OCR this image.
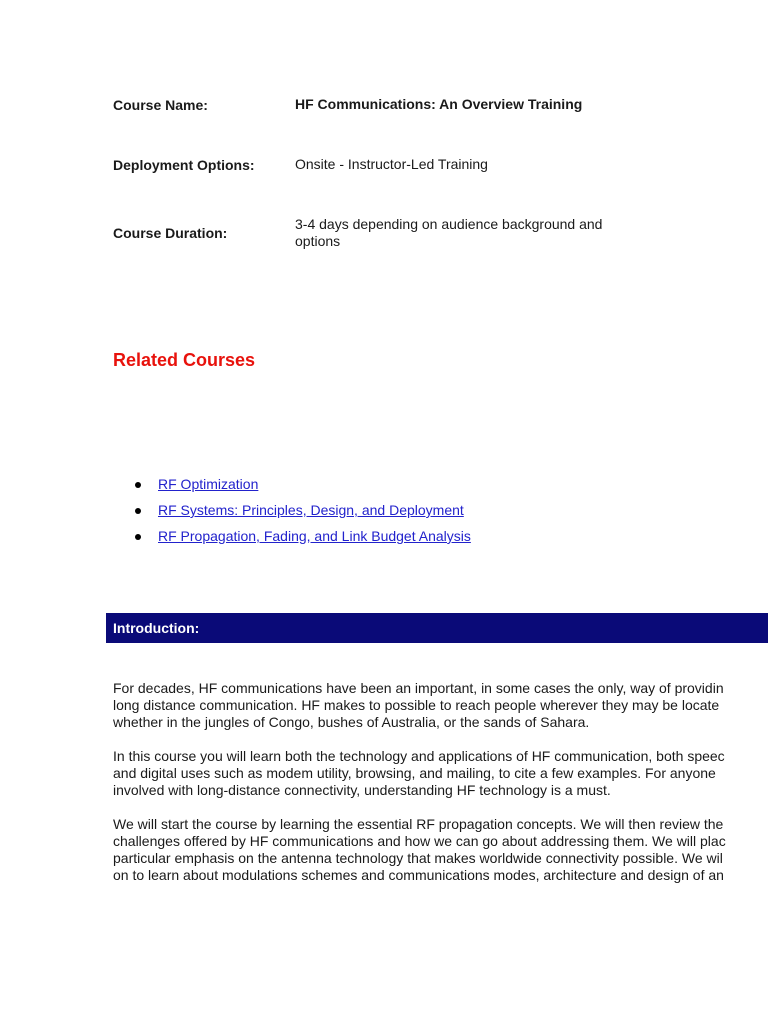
Course Name:	HF Communications: An Overview Training
Deployment Options:	Onsite - Instructor-Led Training
Course Duration:
3-4 days depending on audience background and options
Related Courses
RF Optimization
RF Systems: Principles, Design, and Deployment
RF Propagation, Fading, and Link Budget Analysis
Introduction:

For decades, HF communications have been an important, in some cases the only, way of providin
long distance communication. HF makes to possible to reach people wherever they may be locate
whether in the jungles of Congo, bushes of Australia, or the sands of Sahara.

In this course you will learn both the technology and applications of HF communication, both speec
and digital uses such as modem utility, browsing, and mailing, to cite a few examples. For anyone
involved with long-distance connectivity, understanding HF technology is a must.

We will start the course by learning the essential RF propagation concepts. We will then review the
challenges offered by HF communications and how we can go about addressing them. We will plac
particular emphasis on the antenna technology that makes worldwide connectivity possible. We wil
on to learn about modulations schemes and communications modes, architecture and design of an
